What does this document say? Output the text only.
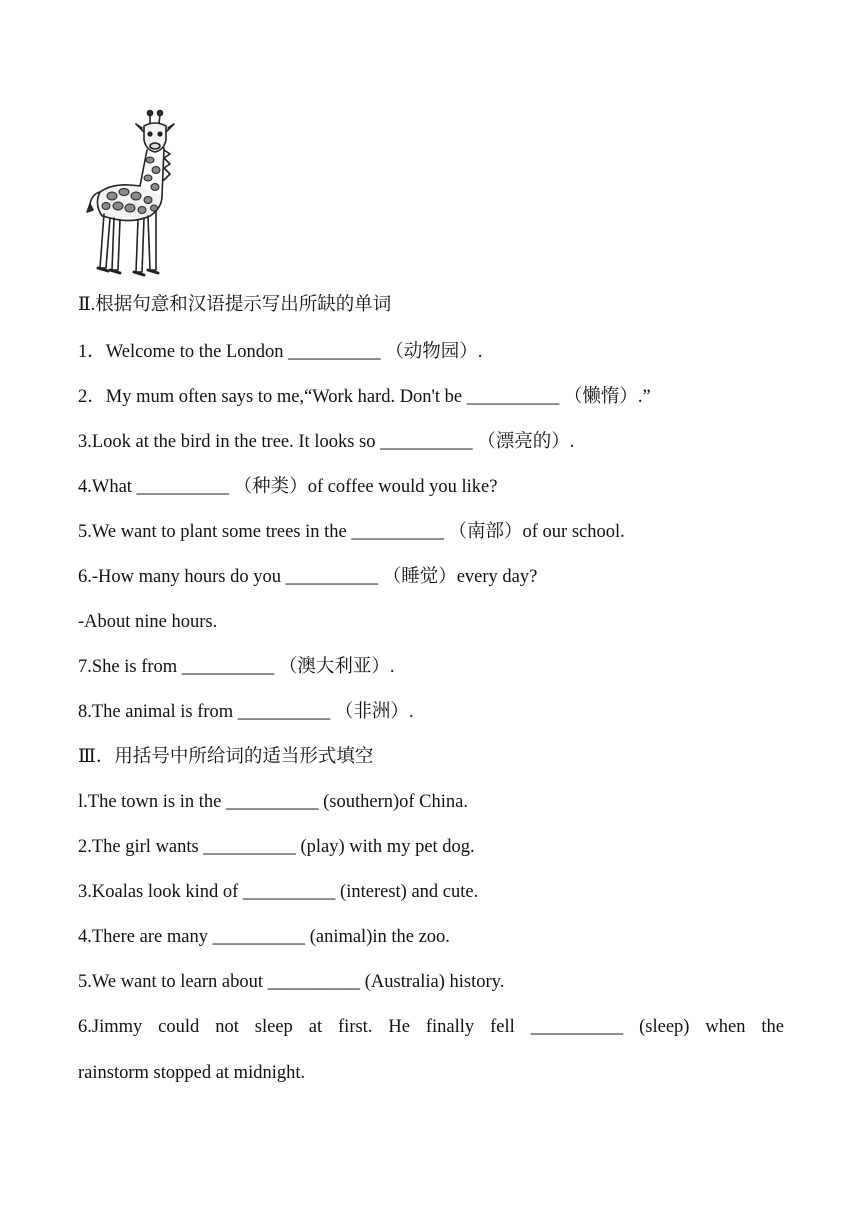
Ⅱ.根据句意和汉语提示写出所缺的单词
1．Welcome to the London __________ （动物园）.
2．My mum often says to me,“Work hard. Don't be __________ （懒惰）.”
3.Look at the bird in the tree. It looks so __________ （漂亮的）.
4.What __________ （种类）of coffee would you like?
5.We want to plant some trees in the __________ （南部）of our school.
6.-How many hours do you __________ （睡觉）every day?
-About nine hours.
7.She is from __________ （澳大利亚）.
8.The animal is from __________ （非洲）.
Ⅲ．用括号中所给词的适当形式填空
l.The town is in the __________ (southern)of China.
2.The girl wants __________ (play) with my pet dog.
3.Koalas look kind of __________ (interest) and cute.
4.There are many __________ (animal)in the zoo.
5.We want to learn about __________ (Australia) history.
6.Jimmy could not sleep at first. He finally fell __________ (sleep) when the
rainstorm stopped at midnight.
